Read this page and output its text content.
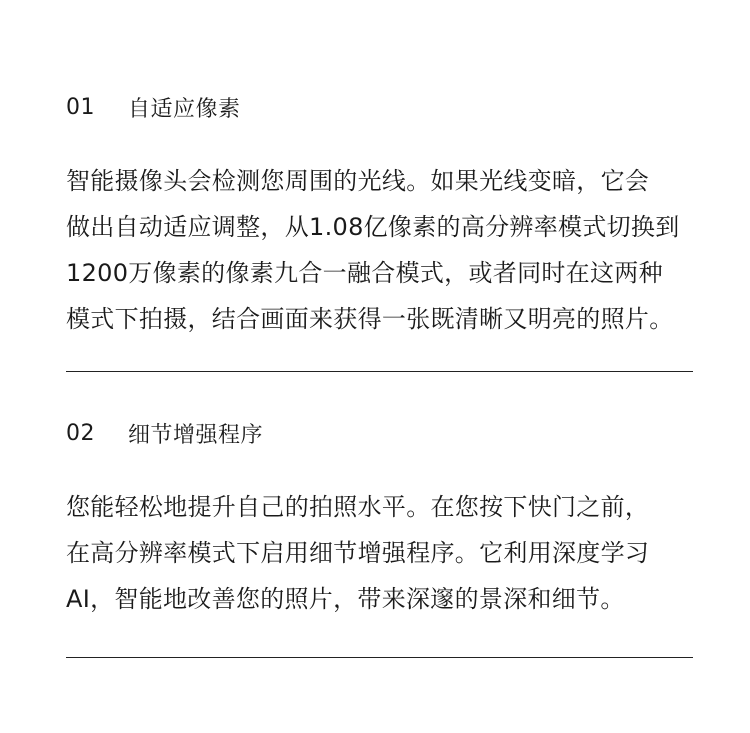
01	自适应像素
智能摄像头会检测您周围的光线。如果光线变暗，它会
做出自动适应调整，从1.08亿像素的高分辨率模式切换到
1200万像素的像素九合一融合模式，或者同时在这两种
模式下拍摄，结合画面来获得一张既清晰又明亮的照片。
02	细节增强程序
您能轻松地提升自己的拍照水平。在您按下快门之前，
在高分辨率模式下启用细节增强程序。它利用深度学习
AI，智能地改善您的照片，带来深邃的景深和细节。
